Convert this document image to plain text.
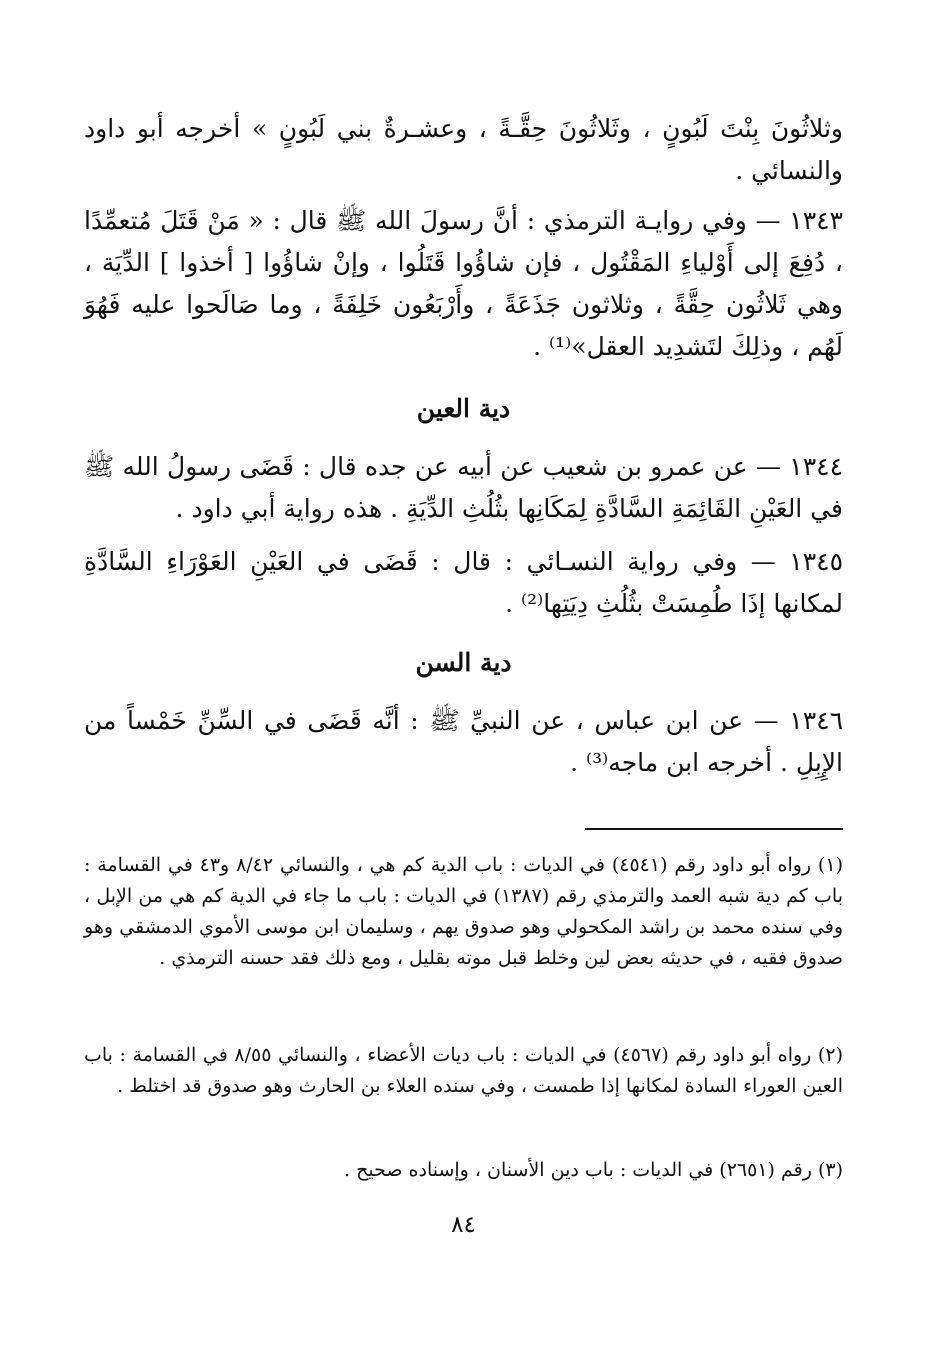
وثلاثُونَ بِنْتَ لَبُونٍ ، وثَلاثُونَ حِقَّـةً ، وعشـرةٌ بني لَبُونٍ » أخرجه أبو داود والنسائي .
١٣٤٣ — وفي روايـة الترمذي : أنَّ رسولَ الله ﷺ قال : « مَنْ قَتَلَ مُتعمِّدًا ، دُفِعَ إلى أَوْلياءِ المَقْتُول ، فإن شاؤُوا قَتَلُوا ، وإنْ شاؤُوا [ أخذوا ] الدِّيَة ، وهي ثَلاثُون حِقَّةً ، وثلاثون جَذَعَةً ، وأَرْبَعُون خَلِفَةً ، وما صَالَحوا عليه فَهُوَ لَهُم ، وذلِكَ لتَشدِيد العقل»⁽¹⁾ .
دية العين
١٣٤٤ — عن عمرو بن شعيب عن أبيه عن جده قال : قَضَى رسولُ الله ﷺ في العَيْنِ القَائِمَةِ السَّادَّةِ لِمَكَانِها بثُلُثِ الدِّيَةِ . هذه رواية أبي داود .
١٣٤٥ — وفي رواية النسـائي : قال : قَضَى في العَيْنِ العَوْرَاءِ السَّادَّةِ لمكانها إذَا طُمِسَتْ بثُلُثِ دِيَتِها⁽²⁾ .
دية السن
١٣٤٦ — عن ابن عباس ، عن النبيِّ ﷺ : أنَّه قَضَى في السِّنِّ خَمْساً من الإِبِلِ . أخرجه ابن ماجه⁽³⁾ .
(١) رواه أبو داود رقم (٤٥٤١) في الديات : باب الدية كم هي ، والنسائي ٨/٤٢ و٤٣ في القسامة : باب كم دية شبه العمد والترمذي رقم (١٣٨٧) في الديات : باب ما جاء في الدية كم هي من الإبل ، وفي سنده محمد بن راشد المكحولي وهو صدوق يهم ، وسليمان ابن موسى الأموي الدمشقي وهو صدوق فقيه ، في حديثه بعض لين وخلط قبل موته بقليل ، ومع ذلك فقد حسنه الترمذي .
(٢) رواه أبو داود رقم (٤٥٦٧) في الديات : باب ديات الأعضاء ، والنسائي ٨/٥٥ في القسامة : باب العين العوراء السادة لمكانها إذا طمست ، وفي سنده العلاء بن الحارث وهو صدوق قد اختلط .
(٣) رقم (٢٦٥١) في الديات : باب دين الأسنان ، وإسناده صحيح .
٨٤
